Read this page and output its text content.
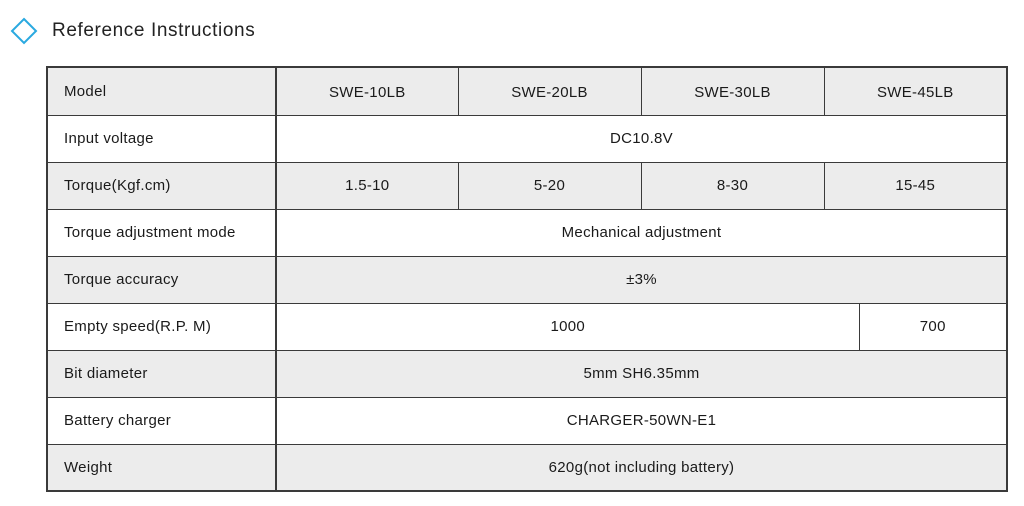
Reference Instructions
Model	SWE-10LB	SWE-20LB	SWE-30LB	SWE-45LB	
Input voltage	DC10.8V				
Torque(Kgf.cm)	1.5-10	5-20	8-30	15-45	
Torque adjustment mode	Mechanical adjustment				
Torque accuracy	±3%				
Empty speed(R.P. M)	1000				700
Bit diameter	5mm SH6.35mm				
Battery charger	CHARGER-50WN-E1				
Weight	620g(not including battery)				
